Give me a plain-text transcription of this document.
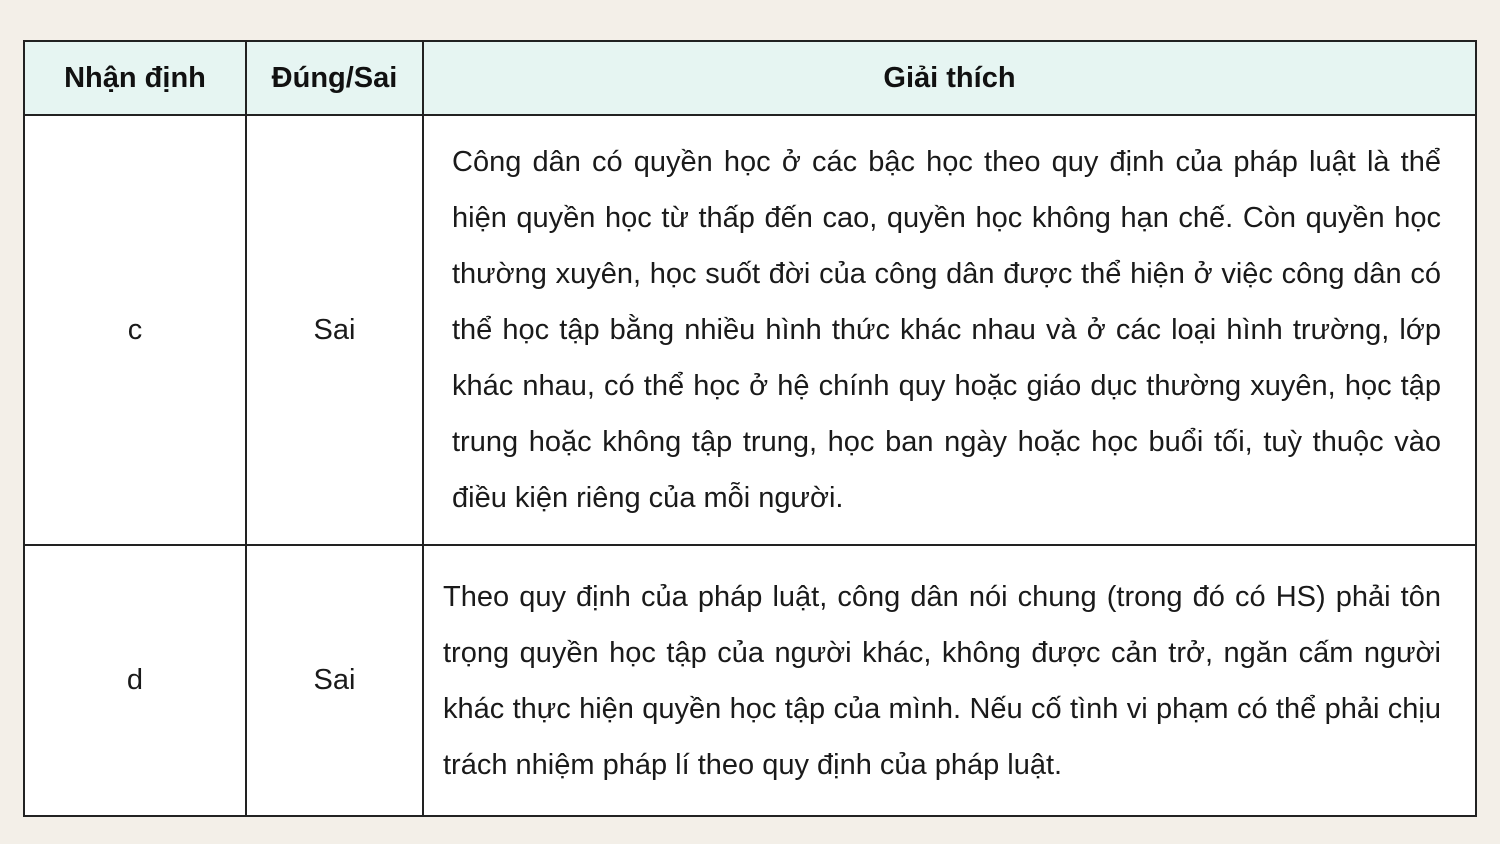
Nhận định	Đúng/Sai	Giải thích
c	Sai	Công dân có quyền học ở các bậc học theo quy định của pháp luật là thể hiện quyền học từ thấp đến cao, quyền học không hạn chế. Còn quyền học thường xuyên, học suốt đời của công dân được thể hiện ở việc công dân có thể học tập bằng nhiều hình thức khác nhau và ở các loại hình trường, lớp khác nhau, có thể học ở hệ chính quy hoặc giáo dục thường xuyên, học tập trung hoặc không tập trung, học ban ngày hoặc học buổi tối, tuỳ thuộc vào điều kiện riêng của mỗi người.
d	Sai	Theo quy định của pháp luật, công dân nói chung (trong đó có HS) phải tôn trọng quyền học tập của người khác, không được cản trở, ngăn cấm người khác thực hiện quyền học tập của mình. Nếu cố tình vi phạm có thể phải chịu trách nhiệm pháp lí theo quy định của pháp luật.
